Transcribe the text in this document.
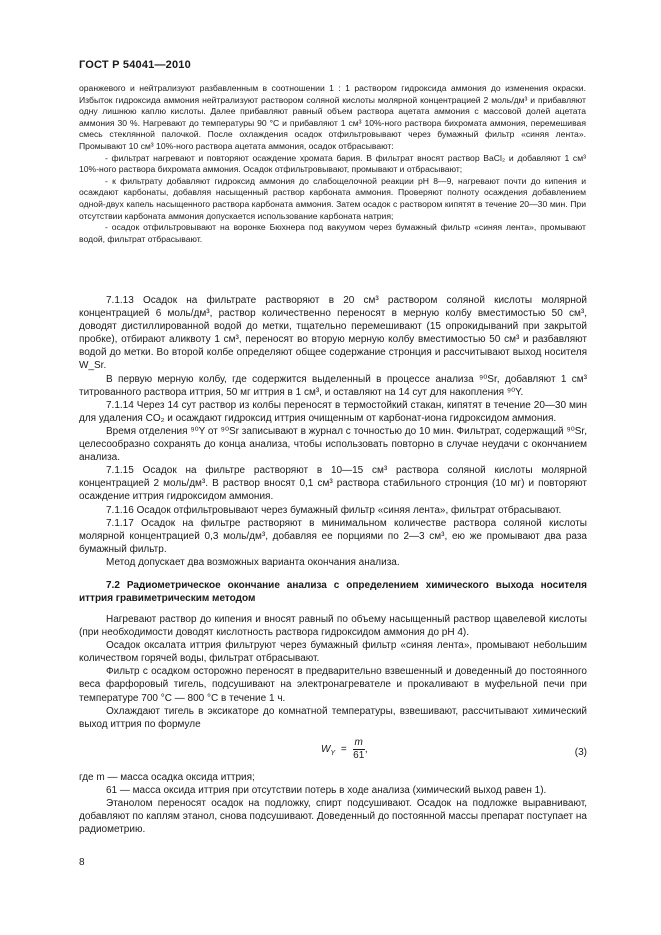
ГОСТ Р 54041—2010

оранжевого и нейтрализуют разбавленным в соотношении 1 : 1 раствором гидроксида аммония до изменения окраски. Избыток гидроксида аммония нейтрализуют раствором соляной кислоты молярной концентрацией 2 моль/дм³ и прибавляют одну лишнюю каплю кислоты. Далее прибавляют равный объем раствора ацетата аммония с массовой долей ацетата аммония 30 %. Нагревают до температуры 90 °С и прибавляют 1 см³ 10%-ного раствора бихромата аммония, перемешивая смесь стеклянной палочкой. После охлаждения осадок отфильтровывают через бумажный фильтр «синяя лента». Промывают 10 см³ 10%-ного раствора ацетата аммония, осадок отбрасывают:

- фильтрат нагревают и повторяют осаждение хромата бария. В фильтрат вносят раствор BaCl₂ и добавляют 1 см³ 10%-ного раствора бихромата аммония. Осадок отфильтровывают, промывают и отбрасывают;

- к фильтрату добавляют гидроксид аммония до слабощелочной реакции pH 8—9, нагревают почти до кипения и осаждают карбонаты, добавляя насыщенный раствор карбоната аммония. Проверяют полноту осаждения добавлением одной-двух капель насыщенного раствора карбоната аммония. Затем осадок с раствором кипятят в течение 20—30 мин. При отсутствии карбоната аммония допускается использование карбоната натрия;

- осадок отфильтровывают на воронке Бюхнера под вакуумом через бумажный фильтр «синяя лента», промывают водой, фильтрат отбрасывают.

7.1.13 Осадок на фильтрате растворяют в 20 см³ раствором соляной кислоты молярной концентрацией 6 моль/дм³, раствор количественно переносят в мерную колбу вместимостью 50 см³, доводят дистиллированной водой до метки, тщательно перемешивают (15 опрокидываний при закрытой пробке), отбирают аликвоту 1 см³, переносят во вторую мерную колбу вместимостью 50 см³ и разбавляют водой до метки. Во второй колбе определяют общее содержание стронция и рассчитывают выход носителя W_Sr.

В первую мерную колбу, где содержится выделенный в процессе анализа ⁹⁰Sr, добавляют 1 см³ титрованного раствора иттрия, 50 мг иттрия в 1 см³, и оставляют на 14 сут для накопления ⁹⁰Y.

7.1.14 Через 14 сут раствор из колбы переносят в термостойкий стакан, кипятят в течение 20—30 мин для удаления CO₂ и осаждают гидроксид иттрия очищенным от карбонат-иона гидроксидом аммония.

Время отделения ⁹⁰Y от ⁹⁰Sr записывают в журнал с точностью до 10 мин. Фильтрат, содержащий ⁹⁰Sr, целесообразно сохранять до конца анализа, чтобы использовать повторно в случае неудачи с окончанием анализа.

7.1.15 Осадок на фильтре растворяют в 10—15 см³ раствора соляной кислоты молярной концентрацией 2 моль/дм³. В раствор вносят 0,1 см³ раствора стабильного стронция (10 мг) и повторяют осаждение иттрия гидроксидом аммония.

7.1.16 Осадок отфильтровывают через бумажный фильтр «синяя лента», фильтрат отбрасывают.

7.1.17 Осадок на фильтре растворяют в минимальном количестве раствора соляной кислоты молярной концентрацией 0,3 моль/дм³, добавляя ее порциями по 2—3 см³, ею же промывают два раза бумажный фильтр.

Метод допускает два возможных варианта окончания анализа.

7.2 Радиометрическое окончание анализа с определением химического выхода носителя иттрия гравиметрическим методом

Нагревают раствор до кипения и вносят равный по объему насыщенный раствор щавелевой кислоты (при необходимости доводят кислотность раствора гидроксидом аммония до pH 4).

Осадок оксалата иттрия фильтруют через бумажный фильтр «синяя лента», промывают небольшим количеством горячей воды, фильтрат отбрасывают.

Фильтр с осадком осторожно переносят в предварительно взвешенный и доведенный до постоянного веса фарфоровый тигель, подсушивают на электронагревателе и прокаливают в муфельной печи при температуре 700 °С — 800 °С в течение 1 ч.

Охлаждают тигель в эксикаторе до комнатной температуры, взвешивают, рассчитывают химический выход иттрия по формуле

$W_Y = \frac{m}{61}$ ,	(3)

где m — масса осадка оксида иттрия;

61 — масса оксида иттрия при отсутствии потерь в ходе анализа (химический выход равен 1).

Этанолом переносят осадок на подложку, спирт подсушивают. Осадок на подложке выравнивают, добавляют по каплям этанол, снова подсушивают. Доведенный до постоянной массы препарат поступает на радиометрию.

8
